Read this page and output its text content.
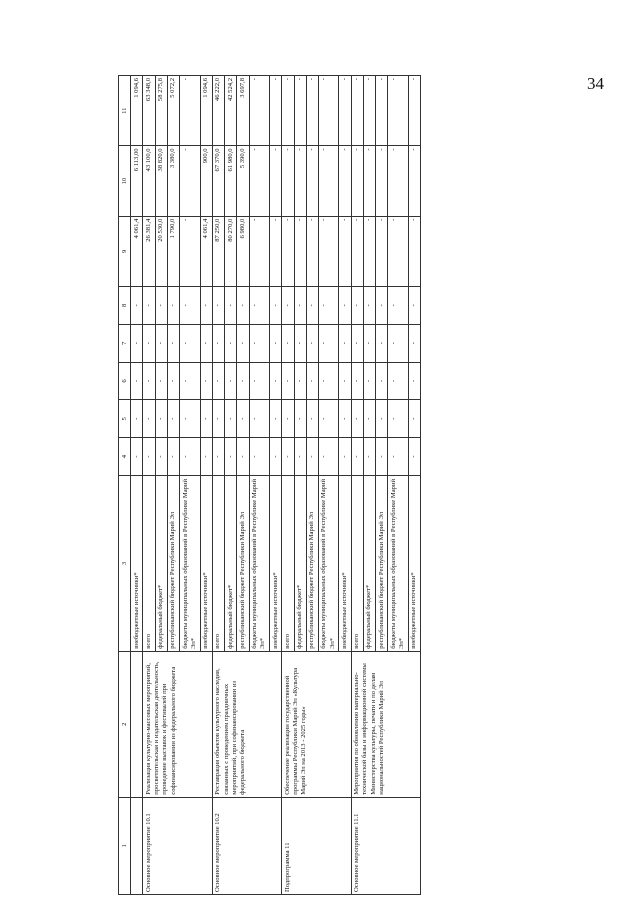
34
1	2	3	4	5	6	7	8	9	10	11
		внебюджетные источники*	-	-	-	-	-	4 061,4	6 113,00	1 094,6
Основное мероприятие 10.1	Реализация культурно-массовых мероприятий, просветительская и издательская деятельность, проведение выставок и фестивалей при софинансировании из федерального бюджета	всего	-	-	-	-	-	26 381,4	43 100,0	63 348,0
		федеральный бюджет*	-	-	-	-	-	20 530,0	38 820,0	58 275,8
		республиканский бюджет Республики Марий Эл	-	-	-	-	-	1 790,0	3 380,0	5 072,2
		бюджеты муниципальных образований в Республике Марий Эл*	-	-	-	-	-	-	-	-
		внебюджетные источники*	-	-	-	-	-	4 061,4	900,0	1 094,6
Основное мероприятие 10.2	Реставрация объектов культурного наследия, связанных с проведением праздничных мероприятий, при софинансировании из федерального бюджета	всего	-	-	-	-	-	87 250,0	67 370,0	46 222,0
		федеральный бюджет*	-	-	-	-	-	80 270,0	61 980,0	42 524,2
		республиканский бюджет Республики Марий Эл	-	-	-	-	-	6 980,0	5 390,0	3 697,8
		бюджеты муниципальных образований в Республике Марий Эл*	-	-	-	-	-	-	-	-
		внебюджетные источники*	-	-	-	-	-	-	-	-
Подпрограмма 11	Обеспечение реализации государственной программы Республики Марий Эл «Культура Марий Эл на 2013 - 2025 годы»	всего	-	-	-	-	-	-	-	-
		федеральный бюджет*	-	-	-	-	-	-	-	-
		республиканский бюджет Республики Марий Эл	-	-	-	-	-	-	-	-
		бюджеты муниципальных образований в Республике Марий Эл*	-	-	-	-	-	-	-	-
		внебюджетные источники*	-	-	-	-	-	-	-	-
Основное мероприятие 11.1	Мероприятия по обновлению материально-технической базы и информационной системы Министерства культуры, печати и по делам национальностей Республики Марий Эл	всего	-	-	-	-	-	-	-	-
		федеральный бюджет*	-	-	-	-	-	-	-	-
		республиканский бюджет Республики Марий Эл	-	-	-	-	-	-	-	-
		бюджеты муниципальных образований в Республике Марий Эл*	-	-	-	-	-	-	-	-
		внебюджетные источники*	-	-	-	-	-	-	-	-
